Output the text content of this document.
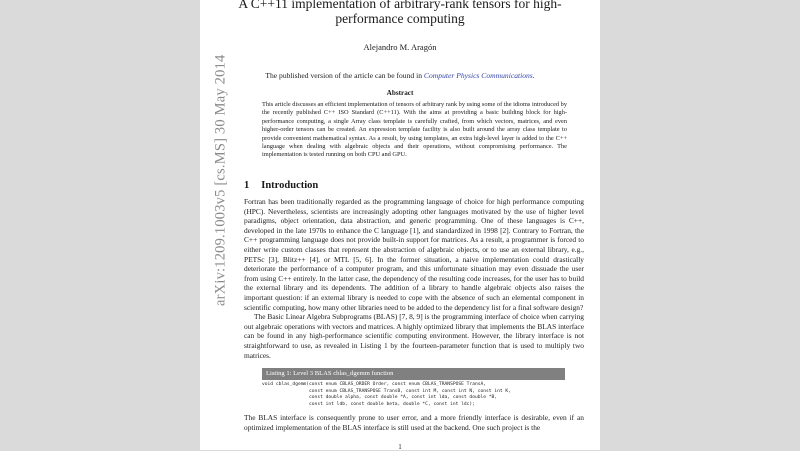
arXiv:1209.1003v5 [cs.MS] 30 May 2014
A C++11 implementation of arbitrary-rank tensors for high-performance computing
Alejandro M. Aragón
The published version of the article can be found in Computer Physics Communications.
Abstract
This article discusses an efficient implementation of tensors of arbitrary rank by using some of the idioms introduced by the recently published C++ ISO Standard (C++11). With the aims at providing a basic building block for high-performance computing, a single Array class template is carefully crafted, from which vectors, matrices, and even higher-order tensors can be created. An expression template facility is also built around the array class template to provide convenient mathematical syntax. As a result, by using templates, an extra high-level layer is added to the C++ language when dealing with algebraic objects and their operations, without compromising performance. The implementation is tested running on both CPU and GPU.
1 Introduction

Fortran has been traditionally regarded as the programming language of choice for high performance computing (HPC). Nevertheless, scientists are increasingly adopting other languages motivated by the use of higher level paradigms, object orientation, data abstraction, and generic programming. One of these languages is C++, developed in the late 1970s to enhance the C language [1], and standardized in 1998 [2]. Contrary to Fortran, the C++ programming language does not provide built-in support for matrices. As a result, a programmer is forced to either write custom classes that represent the abstraction of algebraic objects, or to use an external library, e.g., PETSc [3], Blitz++ [4], or MTL [5, 6]. In the former situation, a naive implementation could drastically deteriorate the performance of a computer program, and this unfortunate situation may even dissuade the user from using C++ entirely. In the latter case, the dependency of the resulting code increases, for the user has to build the external library and its dependents. The addition of a library to handle algebraic objects also raises the important question: if an external library is needed to cope with the absence of such an elemental component in scientific computing, how many other libraries need to be added to the dependency list for a final software design?

The Basic Linear Algebra Subprograms (BLAS) [7, 8, 9] is the programming interface of choice when carrying out algebraic operations with vectors and matrices. A highly optimized library that implements the BLAS interface can be found in any high-performance scientific computing environment. However, the library interface is not straightforward to use, as revealed in Listing 1 by the fourteen-parameter function that is used to multiply two matrices.

Listing 1: Level 3 BLAS cblas_dgemm function
void cblas_dgemm(const enum CBLAS_ORDER Order, const enum CBLAS_TRANSPOSE TransA,
const enum CBLAS_TRANSPOSE TransB, const int M, const int N, const int K,
const double alpha, const double *A, const int lda, const double *B,
const int ldb, const double beta, double *C, const int ldc);
The BLAS interface is consequently prone to user error, and a more friendly interface is desirable, even if an optimized implementation of the BLAS interface is still used at the backend. One such project is the
1
